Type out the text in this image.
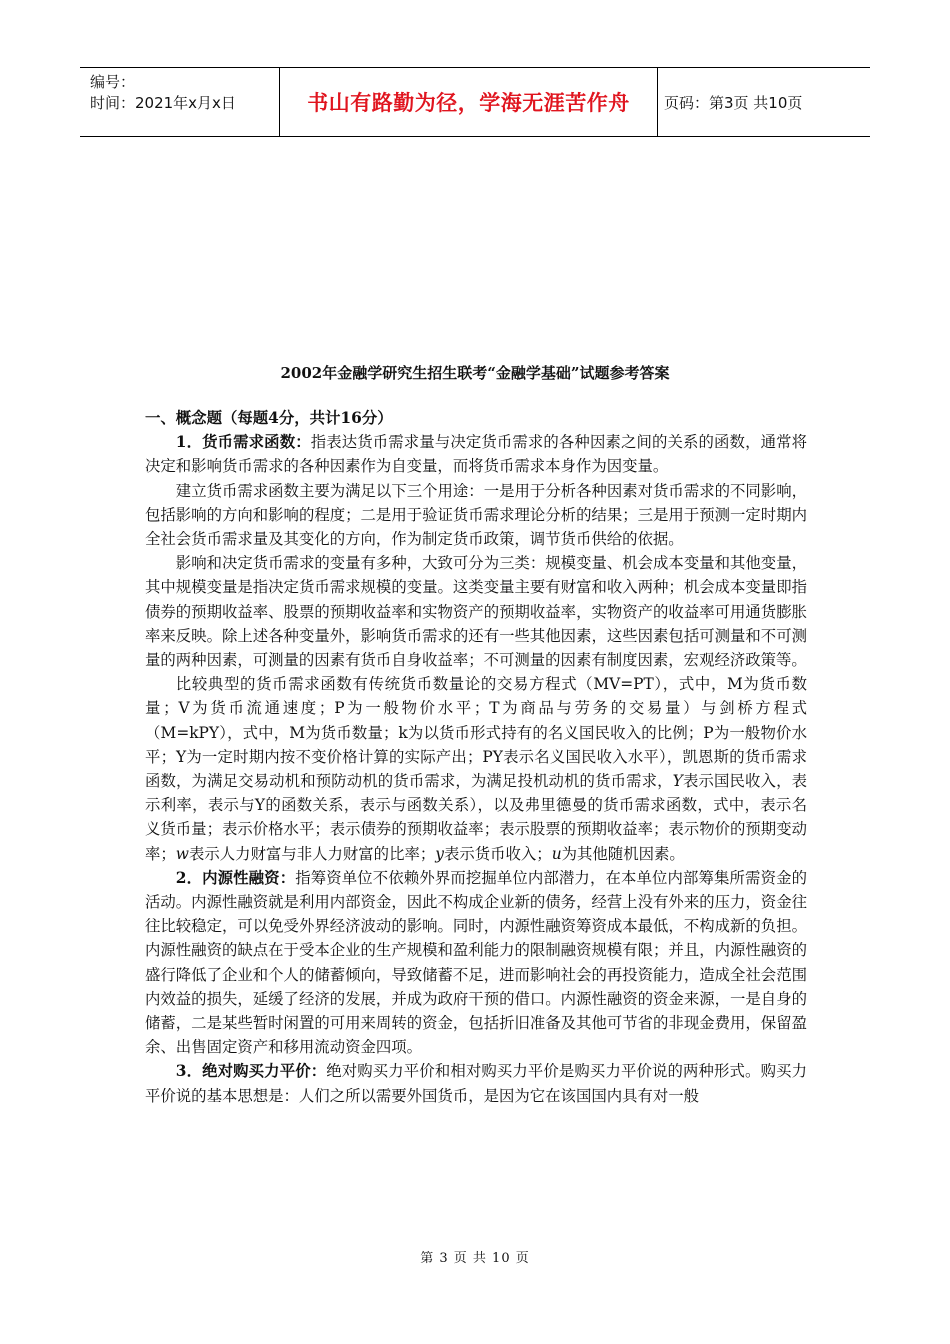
编号：
时间：2021年x月x日	书山有路勤为径，学海无涯苦作舟	页码：第3页 共10页
2002年金融学研究生招生联考“金融学基础”试题参考答案

一、概念题（每题4分，共计16分）

1．货币需求函数：指表达货币需求量与决定货币需求的各种因素之间的关系的函数，通常将决定和影响货币需求的各种因素作为自变量，而将货币需求本身作为因变量。

建立货币需求函数主要为满足以下三个用途：一是用于分析各种因素对货币需求的不同影响，包括影响的方向和影响的程度；二是用于验证货币需求理论分析的结果；三是用于预测一定时期内全社会货币需求量及其变化的方向，作为制定货币政策，调节货币供给的依据。

影响和决定货币需求的变量有多种，大致可分为三类：规模变量、机会成本变量和其他变量，其中规模变量是指决定货币需求规模的变量。这类变量主要有财富和收入两种；机会成本变量即指债券的预期收益率、股票的预期收益率和实物资产的预期收益率，实物资产的收益率可用通货膨胀率来反映。除上述各种变量外，影响货币需求的还有一些其他因素，这些因素包括可测量和不可测量的两种因素，可测量的因素有货币自身收益率；不可测量的因素有制度因素，宏观经济政策等。

比较典型的货币需求函数有传统货币数量论的交易方程式（MV=PT），式中，M为货币数量；V为货币流通速度；P为一般物价水平；T为商品与劳务的交易量）与剑桥方程式（M=kPY），式中，M为货币数量；k为以货币形式持有的名义国民收入的比例；P为一般物价水平；Y为一定时期内按不变价格计算的实际产出；PY表示名义国民收入水平），凯恩斯的货币需求函数，为满足交易动机和预防动机的货币需求，为满足投机动机的货币需求，Y表示国民收入，表示利率，表示与Y的函数关系，表示与函数关系），以及弗里德曼的货币需求函数，式中，表示名义货币量；表示价格水平；表示债券的预期收益率；表示股票的预期收益率；表示物价的预期变动率；w表示人力财富与非人力财富的比率；y表示货币收入；u为其他随机因素。

2．内源性融资：指筹资单位不依赖外界而挖掘单位内部潜力，在本单位内部筹集所需资金的活动。内源性融资就是利用内部资金，因此不构成企业新的债务，经营上没有外来的压力，资金往往比较稳定，可以免受外界经济波动的影响。同时，内源性融资筹资成本最低，不构成新的负担。内源性融资的缺点在于受本企业的生产规模和盈利能力的限制融资规模有限；并且，内源性融资的盛行降低了企业和个人的储蓄倾向，导致储蓄不足，进而影响社会的再投资能力，造成全社会范围内效益的损失，延缓了经济的发展，并成为政府干预的借口。内源性融资的资金来源，一是自身的储蓄，二是某些暂时闲置的可用来周转的资金，包括折旧准备及其他可节省的非现金费用，保留盈余、出售固定资产和移用流动资金四项。

3．绝对购买力平价：绝对购买力平价和相对购买力平价是购买力平价说的两种形式。购买力平价说的基本思想是：人们之所以需要外国货币，是因为它在该国国内具有对一般

第 3 页 共 10 页
